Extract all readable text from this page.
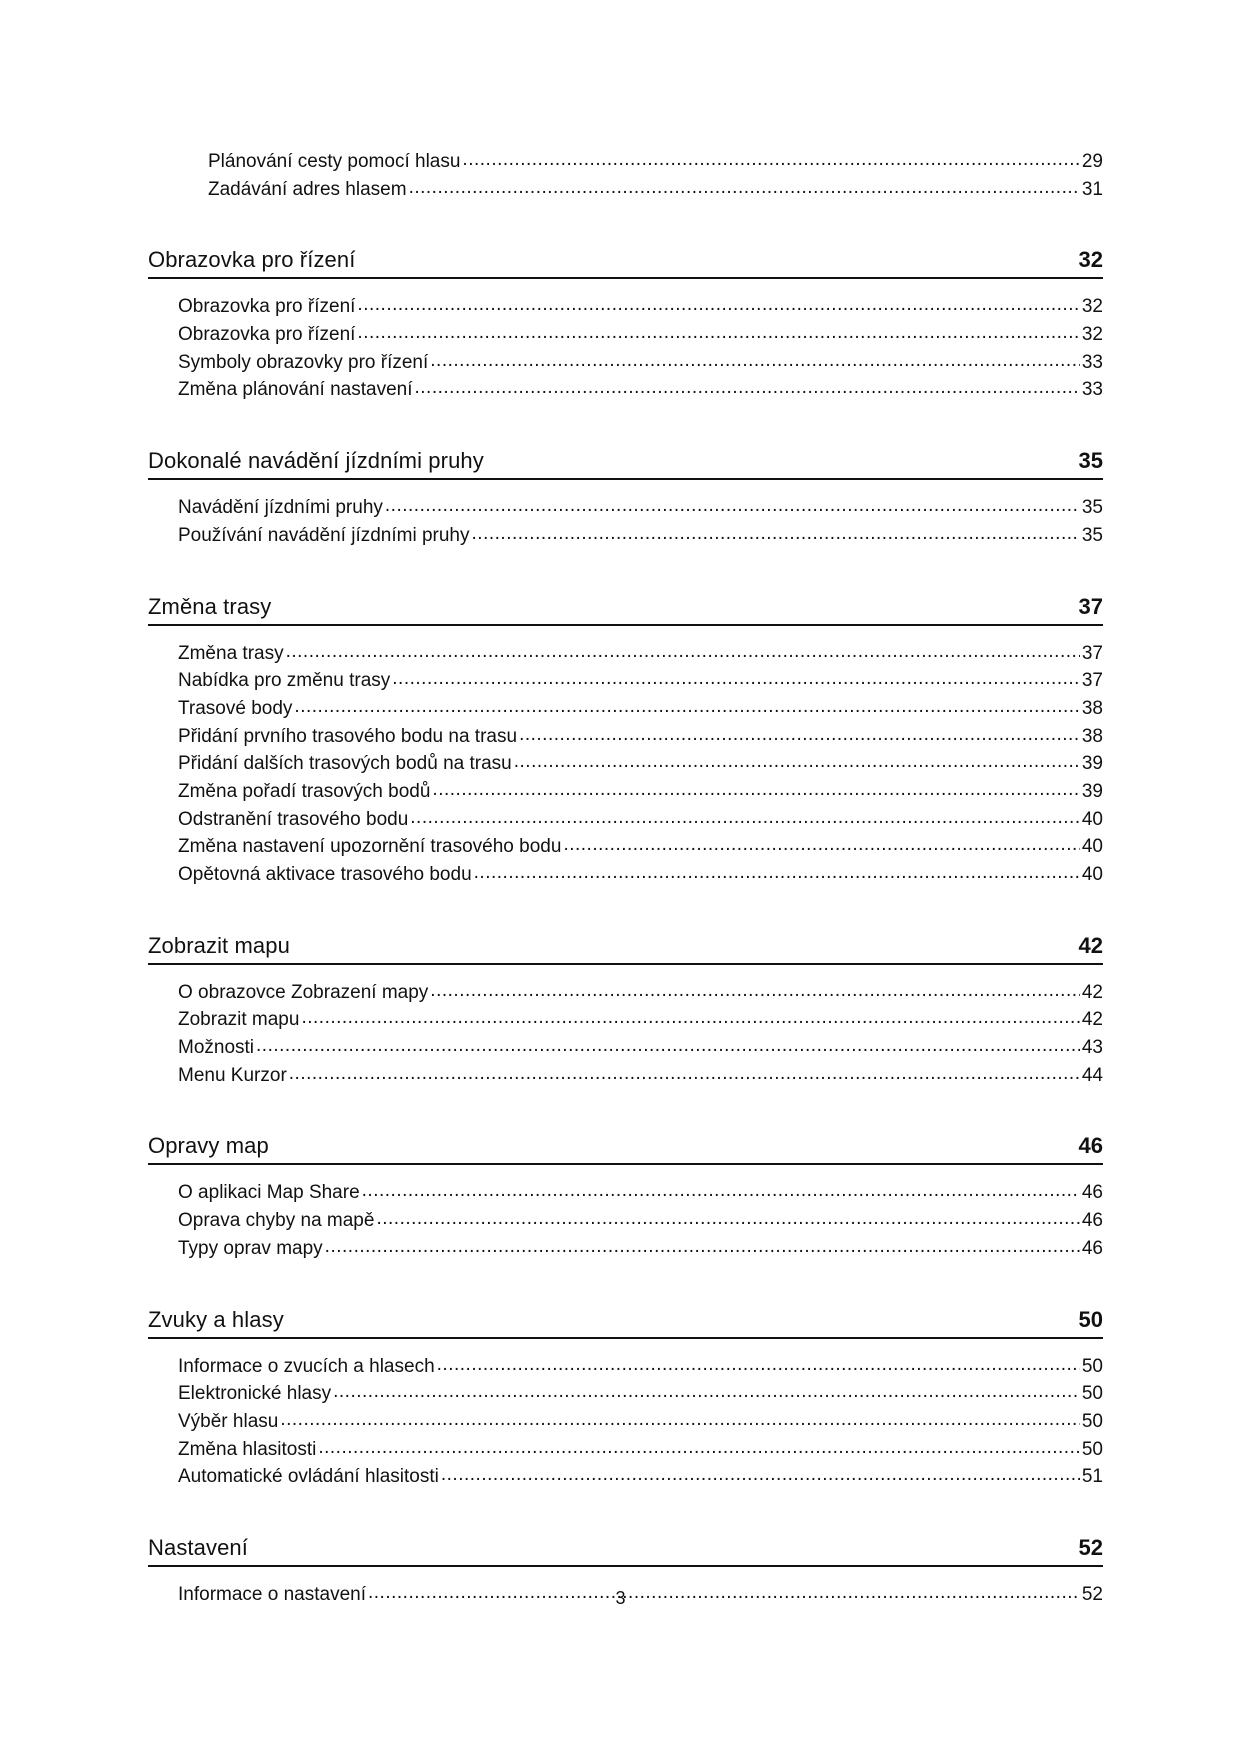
Plánování cesty pomocí hlasu .....	29
Zadávání adres hlasem .....	31
Obrazovka pro řízení	32
Obrazovka pro řízení .....	32
Obrazovka pro řízení .....	32
Symboly obrazovky pro řízení .....	33
Změna plánování nastavení .....	33
Dokonalé navádění jízdními pruhy	35
Navádění jízdními pruhy .....	35
Používání navádění jízdními pruhy .....	35
Změna trasy	37
Změna trasy .....	37
Nabídka pro změnu trasy .....	37
Trasové body .....	38
Přidání prvního trasového bodu na trasu .....	38
Přidání dalších trasových bodů na trasu .....	39
Změna pořadí trasových bodů .....	39
Odstranění trasového bodu .....	40
Změna nastavení upozornění trasového bodu .....	40
Opětovná aktivace trasového bodu .....	40
Zobrazit mapu	42
O obrazovce Zobrazení mapy .....	42
Zobrazit mapu .....	42
Možnosti .....	43
Menu Kurzor .....	44
Opravy map	46
O aplikaci Map Share .....	46
Oprava chyby na mapě .....	46
Typy oprav mapy .....	46
Zvuky a hlasy	50
Informace o zvucích a hlasech .....	50
Elektronické hlasy .....	50
Výběr hlasu .....	50
Změna hlasitosti .....	50
Automatické ovládání hlasitosti .....	51
Nastavení	52
Informace o nastavení .....	52
3
